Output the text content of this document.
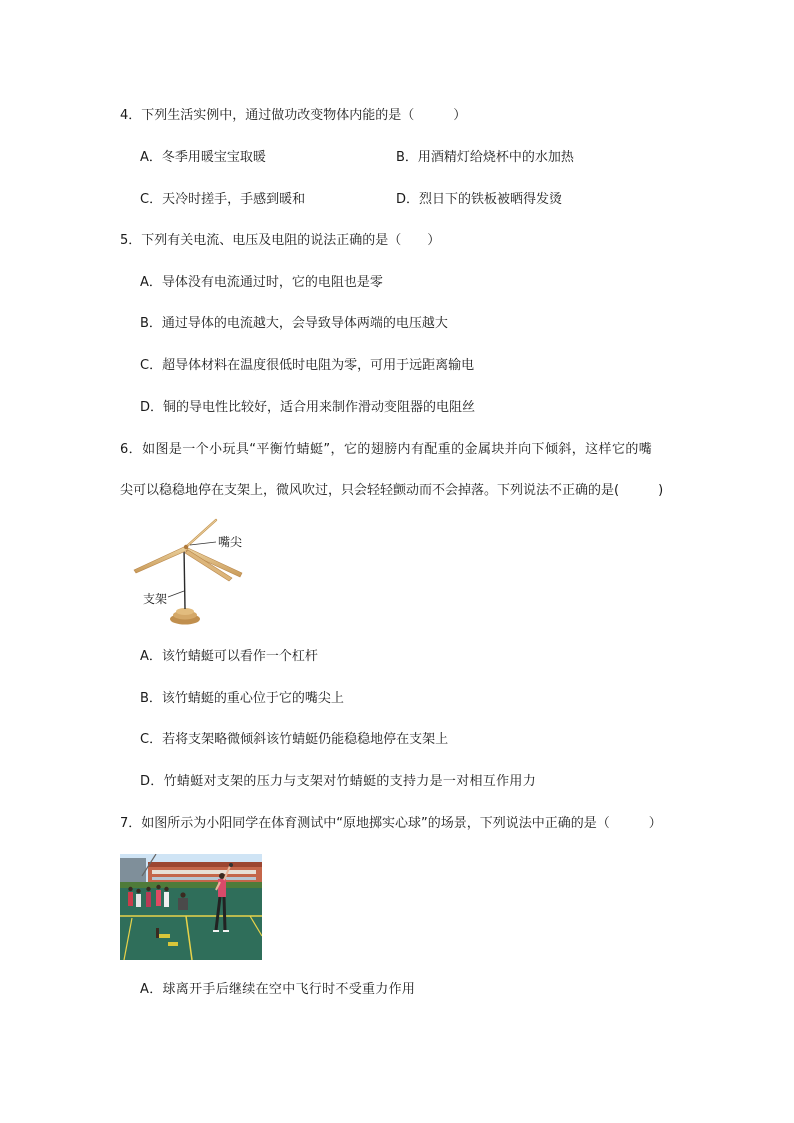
4．下列生活实例中，通过做功改变物体内能的是（　　　）
A．冬季用暖宝宝取暖	B．用酒精灯给烧杯中的水加热
C．天冷时搓手，手感到暖和	D．烈日下的铁板被晒得发烫
5．下列有关电流、电压及电阻的说法正确的是（　　）
A．导体没有电流通过时，它的电阻也是零
B．通过导体的电流越大，会导致导体两端的电压越大
C．超导体材料在温度很低时电阻为零，可用于远距离输电
D．铜的导电性比较好，适合用来制作滑动变阻器的电阻丝
6．如图是一个小玩具“平衡竹蜻蜓”，它的翅膀内有配重的金属块并向下倾斜，这样它的嘴
尖可以稳稳地停在支架上，微风吹过，只会轻轻颤动而不会掉落。下列说法不正确的是(　　　)
嘴尖
支架
A．该竹蜻蜓可以看作一个杠杆
B．该竹蜻蜓的重心位于它的嘴尖上
C．若将支架略微倾斜该竹蜻蜓仍能稳稳地停在支架上
D．竹蜻蜓对支架的压力与支架对竹蜻蜓的支持力是一对相互作用力
7．如图所示为小阳同学在体育测试中“原地掷实心球”的场景，下列说法中正确的是（　　　）
A．球离开手后继续在空中飞行时不受重力作用
